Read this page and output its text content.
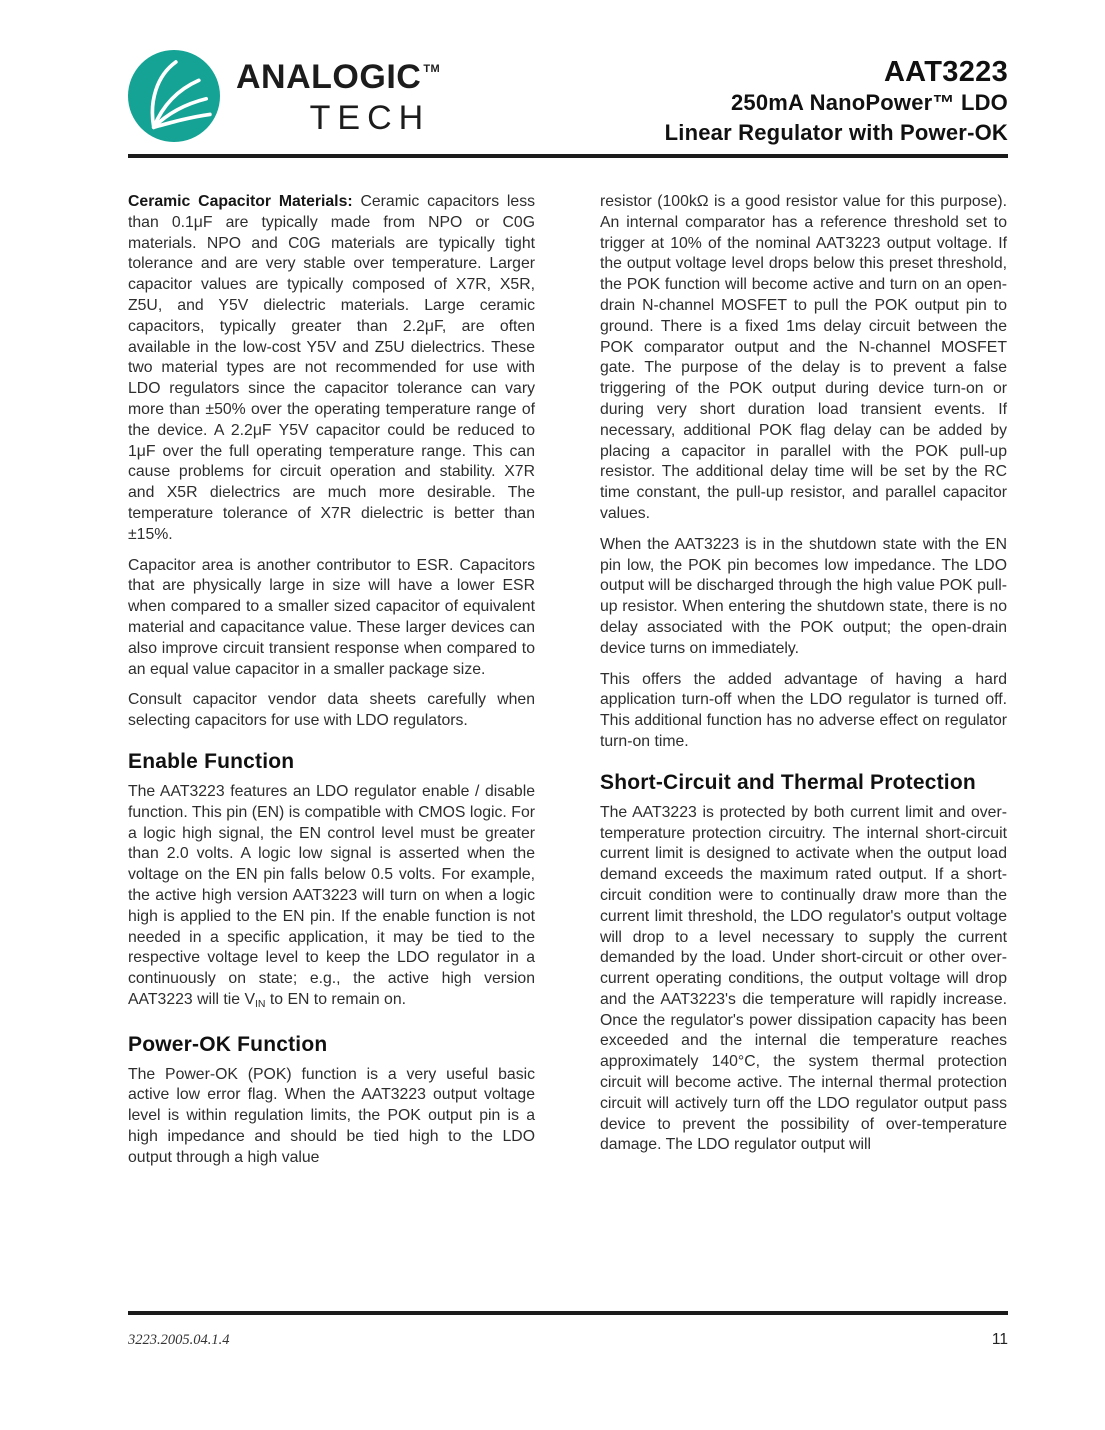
ANALOGIC ™
TECH
AAT3223
250mA NanoPower™ LDO
Linear Regulator with Power-OK

Ceramic Capacitor Materials: Ceramic capacitors less than 0.1μF are typically made from NPO or C0G materials. NPO and C0G materials are typically tight tolerance and are very stable over temperature. Larger capacitor values are typically composed of X7R, X5R, Z5U, and Y5V dielectric materials. Large ceramic capacitors, typically greater than 2.2μF, are often available in the low-cost Y5V and Z5U dielectrics. These two material types are not recommended for use with LDO regulators since the capacitor tolerance can vary more than ±50% over the operating temperature range of the device. A 2.2μF Y5V capacitor could be reduced to 1μF over the full operating temperature range. This can cause problems for circuit operation and stability. X7R and X5R dielectrics are much more desirable. The temperature tolerance of X7R dielectric is better than ±15%.

Capacitor area is another contributor to ESR. Capacitors that are physically large in size will have a lower ESR when compared to a smaller sized capacitor of equivalent material and capacitance value. These larger devices can also improve circuit transient response when compared to an equal value capacitor in a smaller package size.

Consult capacitor vendor data sheets carefully when selecting capacitors for use with LDO regulators.

Enable Function

The AAT3223 features an LDO regulator enable / disable function. This pin (EN) is compatible with CMOS logic. For a logic high signal, the EN control level must be greater than 2.0 volts. A logic low signal is asserted when the voltage on the EN pin falls below 0.5 volts. For example, the active high version AAT3223 will turn on when a logic high is applied to the EN pin. If the enable function is not needed in a specific application, it may be tied to the respective voltage level to keep the LDO regulator in a continuously on state; e.g., the active high version AAT3223 will tie $V_{IN}$ to EN to remain on.

Power-OK Function

The Power-OK (POK) function is a very useful basic active low error flag. When the AAT3223 output voltage level is within regulation limits, the POK output pin is a high impedance and should be tied high to the LDO output through a high value

resistor (100kΩ is a good resistor value for this purpose). An internal comparator has a reference threshold set to trigger at 10% of the nominal AAT3223 output voltage. If the output voltage level drops below this preset threshold, the POK function will become active and turn on an open-drain N-channel MOSFET to pull the POK output pin to ground. There is a fixed 1ms delay circuit between the POK comparator output and the N-channel MOSFET gate. The purpose of the delay is to prevent a false triggering of the POK output during device turn-on or during very short duration load transient events. If necessary, additional POK flag delay can be added by placing a capacitor in parallel with the POK pull-up resistor. The additional delay time will be set by the RC time constant, the pull-up resistor, and parallel capacitor values.

When the AAT3223 is in the shutdown state with the EN pin low, the POK pin becomes low impedance. The LDO output will be discharged through the high value POK pull-up resistor. When entering the shutdown state, there is no delay associated with the POK output; the open-drain device turns on immediately.

This offers the added advantage of having a hard application turn-off when the LDO regulator is turned off. This additional function has no adverse effect on regulator turn-on time.

Short-Circuit and Thermal Protection

The AAT3223 is protected by both current limit and over-temperature protection circuitry. The internal short-circuit current limit is designed to activate when the output load demand exceeds the maximum rated output. If a short-circuit condition were to continually draw more than the current limit threshold, the LDO regulator's output voltage will drop to a level necessary to supply the current demanded by the load. Under short-circuit or other over-current operating conditions, the output voltage will drop and the AAT3223's die temperature will rapidly increase. Once the regulator's power dissipation capacity has been exceeded and the internal die temperature reaches approximately 140°C, the system thermal protection circuit will become active. The internal thermal protection circuit will actively turn off the LDO regulator output pass device to prevent the possibility of over-temperature damage. The LDO regulator output will

3223.2005.04.1.4	11
